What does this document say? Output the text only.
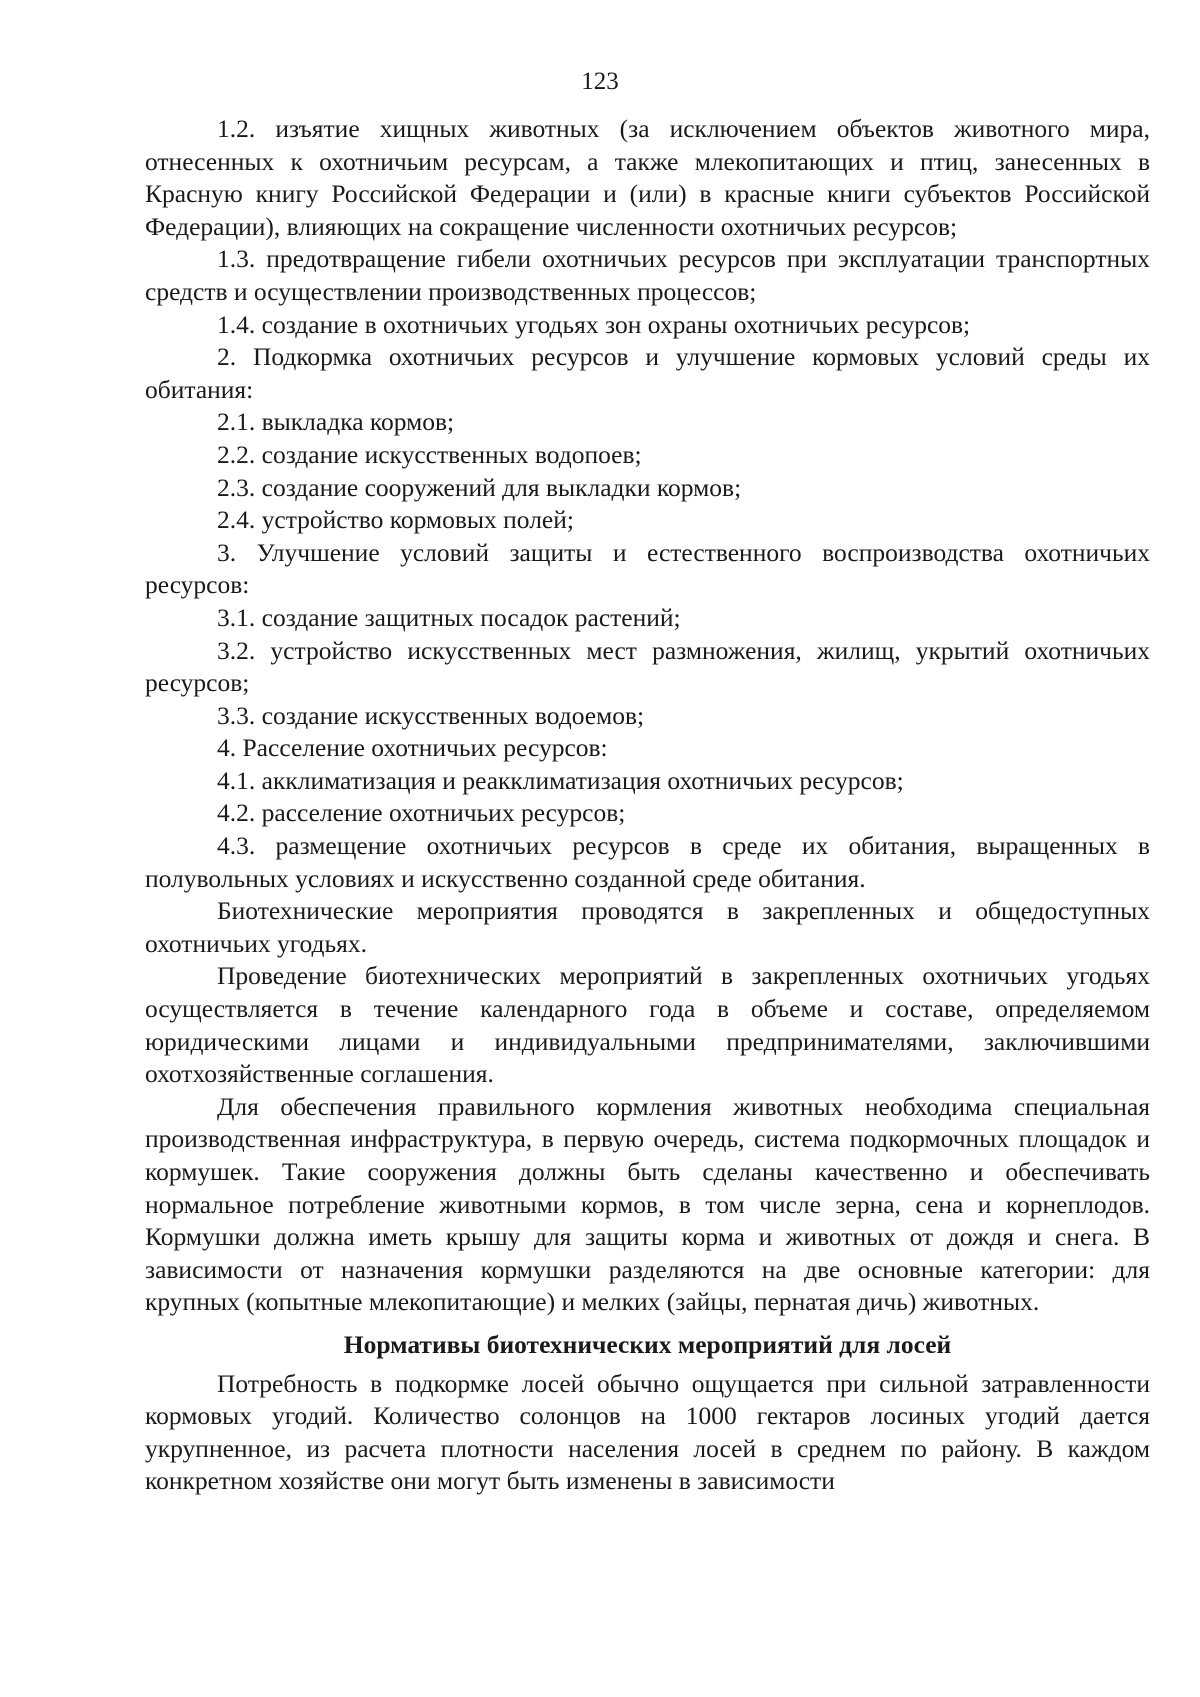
123

1.2. изъятие хищных животных (за исключением объектов животного мира, отнесенных к охотничьим ресурсам, а также млекопитающих и птиц, занесенных в Красную книгу Российской Федерации и (или) в красные книги субъектов Российской Федерации), влияющих на сокращение численности охотничьих ресурсов;

1.3. предотвращение гибели охотничьих ресурсов при эксплуатации транспортных средств и осуществлении производственных процессов;

1.4. создание в охотничьих угодьях зон охраны охотничьих ресурсов;

2. Подкормка охотничьих ресурсов и улучшение кормовых условий среды их обитания:

2.1. выкладка кормов;

2.2. создание искусственных водопоев;

2.3. создание сооружений для выкладки кормов;

2.4. устройство кормовых полей;

3. Улучшение условий защиты и естественного воспроизводства охотничьих ресурсов:

3.1. создание защитных посадок растений;

3.2. устройство искусственных мест размножения, жилищ, укрытий охотничьих ресурсов;

3.3. создание искусственных водоемов;

4. Расселение охотничьих ресурсов:

4.1. акклиматизация и реакклиматизация охотничьих ресурсов;

4.2. расселение охотничьих ресурсов;

4.3. размещение охотничьих ресурсов в среде их обитания, выращенных в полувольных условиях и искусственно созданной среде обитания.

Биотехнические мероприятия проводятся в закрепленных и общедоступных охотничьих угодьях.

Проведение биотехнических мероприятий в закрепленных охотничьих угодьях осуществляется в течение календарного года в объеме и составе, определяемом юридическими лицами и индивидуальными предпринимателями, заключившими охотхозяйственные соглашения.

Для обеспечения правильного кормления животных необходима специальная производственная инфраструктура, в первую очередь, система подкормочных площадок и кормушек. Такие сооружения должны быть сделаны качественно и обеспечивать нормальное потребление животными кормов, в том числе зерна, сена и корнеплодов. Кормушки должна иметь крышу для защиты корма и животных от дождя и снега. В зависимости от назначения кормушки разделяются на две основные категории: для крупных (копытные млекопитающие) и мелких (зайцы, пернатая дичь) животных.

Нормативы биотехнических мероприятий для лосей

Потребность в подкормке лосей обычно ощущается при сильной затравленности кормовых угодий. Количество солонцов на 1000 гектаров лосиных угодий дается укрупненное, из расчета плотности населения лосей в среднем по району. В каждом конкретном хозяйстве они могут быть изменены в зависимости
